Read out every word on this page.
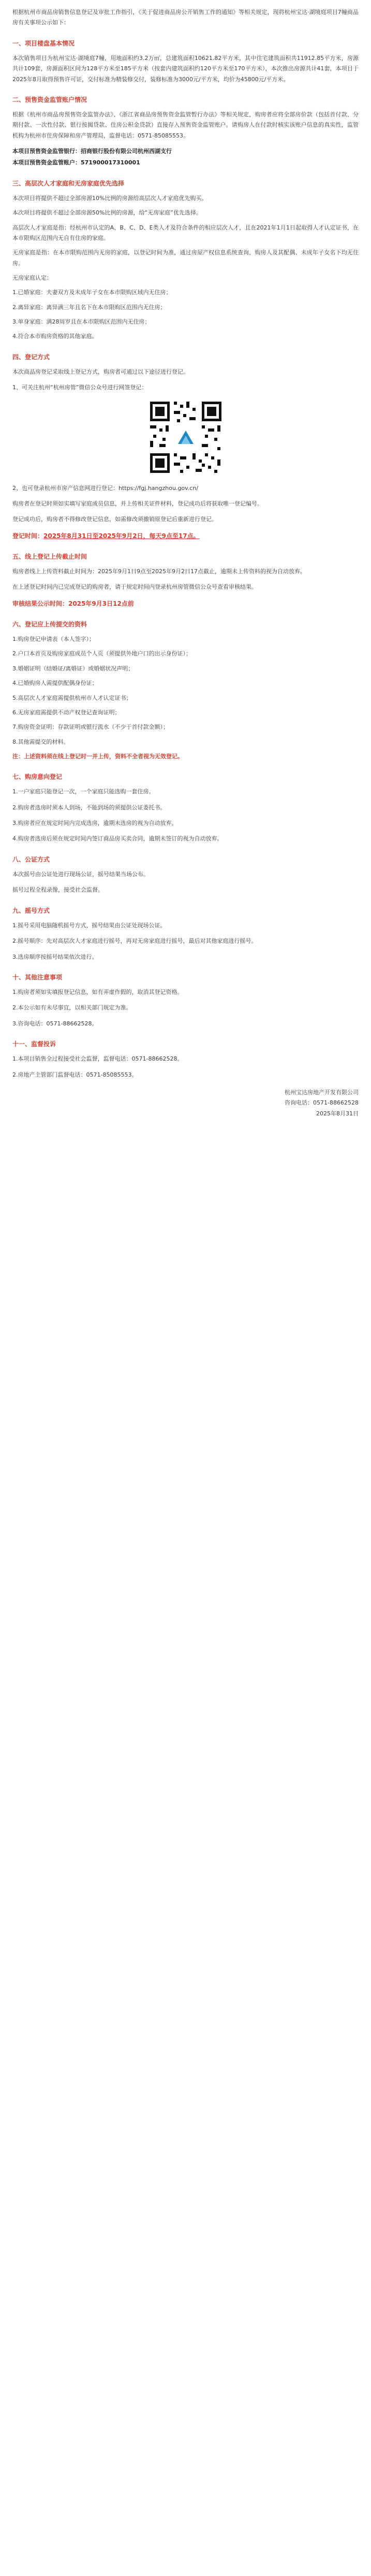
根据杭州市商品房销售信息登记及审批工作指引，《关于促进商品房公开销售工作的通知》等相关规定，现将杭州宝达·湖境庭项目7幢商品房有关事项公示如下：

一、项目楼盘基本情况

本次销售项目为杭州宝达·湖境庭7幢，用地面积约3.2万㎡，总建筑面积10621.82平方米，其中住宅建筑面积共11912.85平方米，房源共计109套，房源面积区间为128平方米至185平方米（按套内建筑面积约120平方米至170平方米），本次推出房源共计41套，本项目于2025年8月取得预售许可证，交付标准为精装修交付，装修标准为3000元/平方米，均价为45800元/平方米。

二、预售资金监管账户情况

根据《杭州市商品房预售资金监管办法》、《浙江省商品房预售资金监管暂行办法》等相关规定，购房者应将全部房价款（包括首付款、分期付款、一次性付款、银行按揭贷款、住房公积金贷款）直接存入预售资金监管账户。请购房人在付款时核实该账户信息的真实性，监管机构为杭州市住房保障和房产管理局，监督电话：0571-85085553。

本项目预售资金监管银行：招商银行股份有限公司杭州西湖支行
本项目预售资金监管账户：571900017310001
三、高层次人才家庭和无房家庭优先选择

本次项目将提供不超过全部房源10%比例的房源给高层次人才家庭优先购买。

本次项目将提供不超过全部房源50%比例的房源，给“无房家庭”优先选择。

高层次人才家庭是指：经杭州市认定的A、B、C、D、E类人才及符合条件的相应层次人才，且在2021年1月1日起取得人才认定证书，在本市限购区范围内无自有住房的家庭。

无房家庭是指：在本市限购范围内无房的家庭，以登记时间为准，通过房屋产权信息系统查询，购房人及其配偶、未成年子女名下均无住房。

无房家庭认定：

1.已婚家庭：夫妻双方及未成年子女在本市限购区域内无住房；

2.离异家庭：离异满三年且名下在本市限购区范围内无住房；

3.单身家庭：满28周岁且在本市限购区范围内无住房；

4.符合本市购房资格的其他家庭。

四、登记方式

本次商品房登记采取线上登记方式，购房者可通过以下途径进行登记。

1、可关注杭州“杭州房管”微信公众号进行网签登记：

2、也可登录杭州市房产信息网进行登记：https://fgj.hangzhou.gov.cn/

购房者在登记时须如实填写家庭成员信息，并上传相关证件材料，登记成功后将获取唯一登记编号。

登记成功后，购房者不得修改登记信息，如需修改须撤销原登记后重新进行登记。

登记时间：2025年8月31日至2025年9月2日，每天9点至17点。
五、线上登记上传截止时间

购房者线上上传资料截止时间为：2025年9月1日9点至2025年9月2日17点截止，逾期未上传资料的视为自动放弃。

在上述登记时间内已完成登记的购房者，请于规定时间内登录杭州房管微信公众号查看审核结果。

审核结果公示时间：2025年9月3日12点前
六、登记应上传提交的资料

1.购房登记申请表（本人签字）；

2.户口本首页及购房家庭成员个人页（须提供外地户口的出示身份证）；

3.婚姻证明（结婚证/离婚证）或婚姻状况声明；

4.已婚购房人需提供配偶身份证；

5.高层次人才家庭需提供杭州市人才认定证书；

6.无房家庭需提供不动产权登记查询证明；

7.购房资金证明：存款证明或银行流水（不少于首付款金额）；

8.其他需提交的材料。

注：上述资料须在线上登记时一并上传，资料不全者视为无效登记。

七、购房意向登记

1.一户家庭只能登记一次，一个家庭只能选购一套住房。

2.购房者选房时须本人到场，不能到场的须提供公证委托书。

3.购房者应在规定时间内完成选房，逾期未选房的视为自动放弃。

4.购房者选房后须在规定时间内签订商品房买卖合同，逾期未签订的视为自动放弃。

八、公证方式

本次摇号由公证处进行现场公证，摇号结果当场公布。

摇号过程全程录像，接受社会监督。

九、摇号方式

1.摇号采用电脑随机摇号方式，摇号结果由公证处现场公证。

2.摇号顺序：先对高层次人才家庭进行摇号，再对无房家庭进行摇号，最后对其他家庭进行摇号。

3.选房顺序按摇号结果依次进行。

十、其他注意事项

1.购房者须如实填报登记信息，如有弄虚作假的，取消其登记资格。

2.本公示如有未尽事宜，以相关部门规定为准。

3.咨询电话：0571-88662528。

十一、监督投诉

1.本项目销售全过程接受社会监督，监督电话：0571-88662528。

2.房地产主管部门监督电话：0571-85085553。

杭州宝达房地产开发有限公司
咨询电话：0571-88662528
2025年8月31日
